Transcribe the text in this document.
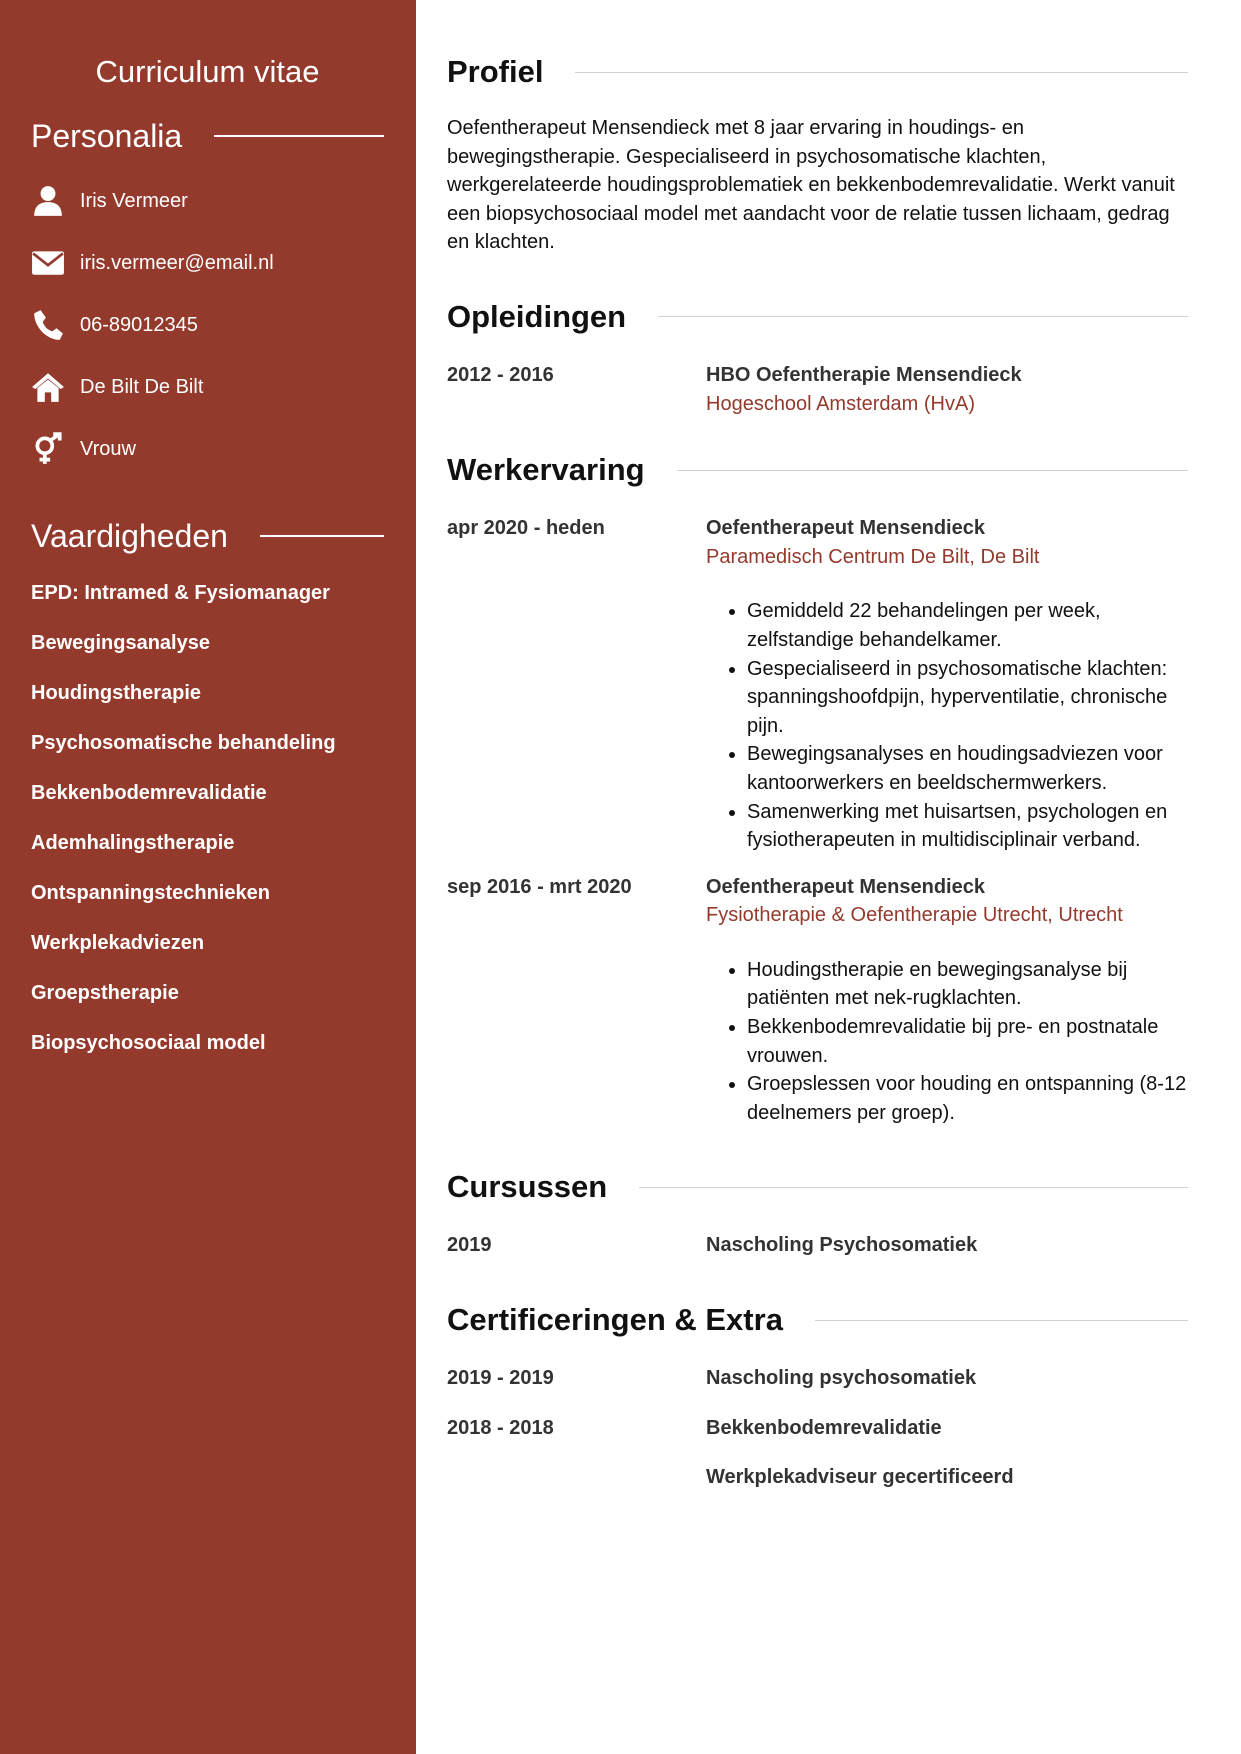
Curriculum vitae
Personalia
Iris Vermeer
iris.vermeer@email.nl
06-89012345
De Bilt De Bilt
Vrouw
Vaardigheden
EPD: Intramed & Fysiomanager
Bewegingsanalyse
Houdingstherapie
Psychosomatische behandeling
Bekkenbodemrevalidatie
Ademhalingstherapie
Ontspanningstechnieken
Werkplekadviezen
Groepstherapie
Biopsychosociaal model
Profiel

Oefentherapeut Mensendieck met 8 jaar ervaring in houdings- en bewegingstherapie. Gespecialiseerd in psychosomatische klachten, werkgerelateerde houdingsproblematiek en bekkenbodemrevalidatie. Werkt vanuit een biopsychosociaal model met aandacht voor de relatie tussen lichaam, gedrag en klachten.

Opleidingen
2012 - 2016	HBO Oefentherapie Mensendieck
Hogeschool Amsterdam (HvA)
Werkervaring
apr 2020 - heden	Oefentherapeut Mensendieck
Paramedisch Centrum De Bilt, De Bilt
• Gemiddeld 22 behandelingen per week, zelfstandige behandelkamer.
• Gespecialiseerd in psychosomatische klachten: spanningshoofdpijn, hyperventilatie, chronische pijn.
• Bewegingsanalyses en houdingsadviezen voor kantoorwerkers en beeldschermwerkers.
• Samenwerking met huisartsen, psychologen en fysiotherapeuten in multidisciplinair verband.
sep 2016 - mrt 2020	Oefentherapeut Mensendieck
Fysiotherapie & Oefentherapie Utrecht, Utrecht
• Houdingstherapie en bewegingsanalyse bij patiënten met nek-rugklachten.
• Bekkenbodemrevalidatie bij pre- en postnatale vrouwen.
• Groepslessen voor houding en ontspanning (8-12 deelnemers per groep).
Cursussen
2019	Nascholing Psychosomatiek
Certificeringen & Extra
2019 - 2019	Nascholing psychosomatiek
2018 - 2018	Bekkenbodemrevalidatie
Werkplekadviseur gecertificeerd
